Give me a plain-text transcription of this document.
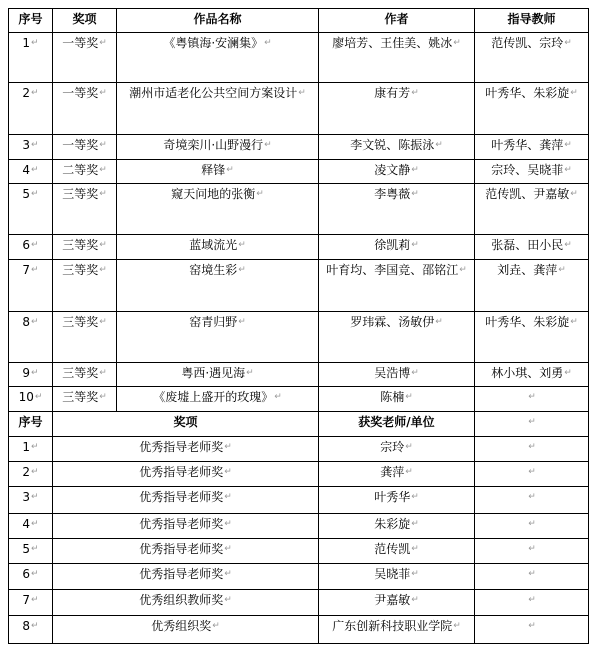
序号 奖项	作品名称	作者	指导教师
1 ↵ 一等奖 ↵	《粤镇海·安澜集》 ↵	廖培芳、王佳美、姚冰 ↵	范传凯、宗玲 ↵
2 ↵ 一等奖 ↵ 潮州市适老化公共空间方案设计 ↵	康有芳 ↵	叶秀华、朱彩旋 ↵
3 ↵ 一等奖 ↵	奇境栾川·山野漫行 ↵	李文锐、陈振泳 ↵	叶秀华、龚萍 ↵
4 ↵ 二等奖 ↵	释锋 ↵	凌文静 ↵	宗玲、吴晓菲 ↵
5 ↵ 三等奖 ↵	窥天问地的张衡 ↵	李粤薇 ↵	范传凯、尹嘉敏 ↵
6 ↵ 三等奖 ↵	蓝域流光 ↵	徐凯莉 ↵	张磊、田小民 ↵
7 ↵ 三等奖 ↵	窑境生彩 ↵	叶育均、李国竞、邵铭江 ↵	刘垚、龚萍 ↵
8 ↵ 三等奖 ↵	窑青归野 ↵	罗玮霖、汤敏伊 ↵	叶秀华、朱彩旋 ↵
9 ↵ 三等奖 ↵	粤西·遇见海 ↵	吴浩博 ↵	林小琪、刘勇 ↵
10 ↵ 三等奖 ↵	《废墟上盛开的玫瑰》 ↵	陈楠 ↵	↵
序号	奖项	获奖老师/单位	↵
1 ↵	优秀指导老师奖 ↵	宗玲 ↵	↵
2 ↵	优秀指导老师奖 ↵	龚萍 ↵	↵
3 ↵	优秀指导老师奖 ↵	叶秀华 ↵	↵
4 ↵	优秀指导老师奖 ↵	朱彩旋 ↵	↵
5 ↵	优秀指导老师奖 ↵	范传凯 ↵	↵
6 ↵	优秀指导老师奖 ↵	吴晓菲 ↵	↵
7 ↵	优秀组织教师奖 ↵	尹嘉敏 ↵	↵
8 ↵	优秀组织奖 ↵	广东创新科技职业学院 ↵	↵
